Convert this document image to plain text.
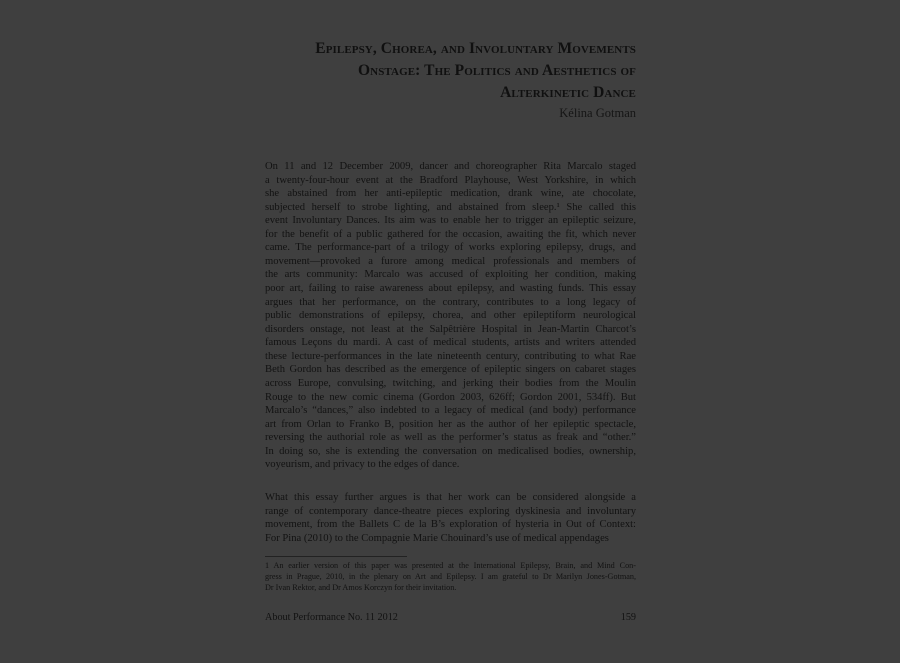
Epilepsy, Chorea, and Involuntary Movements
Onstage: The Politics and Aesthetics of
Alterkinetic Dance
Kélina Gotman
On 11 and 12 December 2009, dancer and choreographer Rita Marcalo staged
a twenty-four-hour event at the Bradford Playhouse, West Yorkshire, in which
she abstained from her anti-epileptic medication, drank wine, ate chocolate,
subjected herself to strobe lighting, and abstained from sleep.¹ She called this
event Involuntary Dances. Its aim was to enable her to trigger an epileptic seizure,
for the benefit of a public gathered for the occasion, awaiting the fit, which never
came. The performance-part of a trilogy of works exploring epilepsy, drugs, and
movement—provoked a furore among medical professionals and members of
the arts community: Marcalo was accused of exploiting her condition, making
poor art, failing to raise awareness about epilepsy, and wasting funds. This essay
argues that her performance, on the contrary, contributes to a long legacy of
public demonstrations of epilepsy, chorea, and other epileptiform neurological
disorders onstage, not least at the Salpêtrière Hospital in Jean-Martin Charcot’s
famous Leçons du mardi. A cast of medical students, artists and writers attended
these lecture-performances in the late nineteenth century, contributing to what Rae
Beth Gordon has described as the emergence of epileptic singers on cabaret stages
across Europe, convulsing, twitching, and jerking their bodies from the Moulin
Rouge to the new comic cinema (Gordon 2003, 626ff; Gordon 2001, 534ff). But
Marcalo’s “dances,” also indebted to a legacy of medical (and body) performance
art from Orlan to Franko B, position her as the author of her epileptic spectacle,
reversing the authorial role as well as the performer’s status as freak and “other.”
In doing so, she is extending the conversation on medicalised bodies, ownership,
voyeurism, and privacy to the edges of dance.
What this essay further argues is that her work can be considered alongside a
range of contemporary dance-theatre pieces exploring dyskinesia and involuntary
movement, from the Ballets C de la B’s exploration of hysteria in Out of Context:
For Pina (2010) to the Compagnie Marie Chouinard’s use of medical appendages
1 An earlier version of this paper was presented at the International Epilepsy, Brain, and Mind Con-
gress in Prague, 2010, in the plenary on Art and Epilepsy. I am grateful to Dr Marilyn Jones-Gotman,
Dr Ivan Rektor, and Dr Amos Korczyn for their invitation.
About Performance No. 11 2012	159
